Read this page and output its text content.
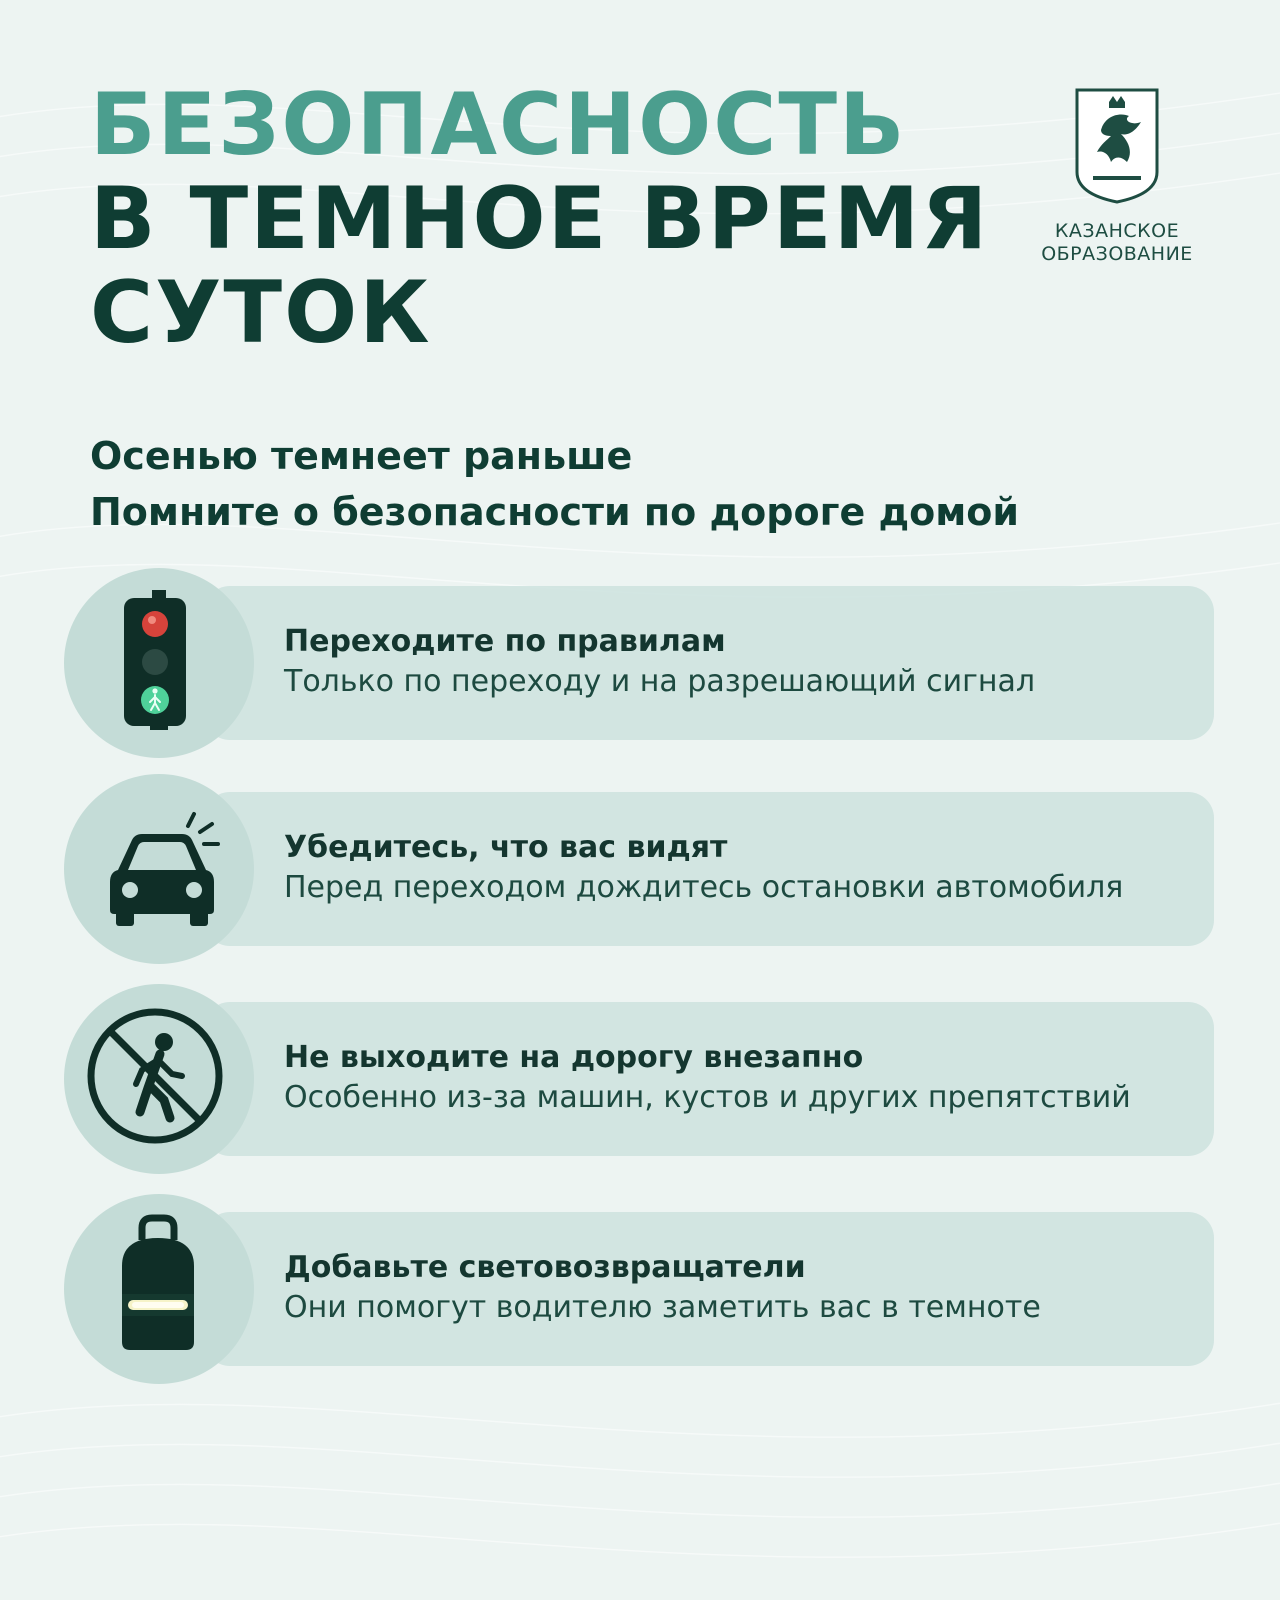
БЕЗОПАСНОСТЬ
В ТЕМНОЕ ВРЕМЯ
СУТОК
КАЗАНСКОЕ
ОБРАЗОВАНИЕ
Осенью темнеет раньше
Помните о безопасности по дороге домой
Переходите по правилам
Только по переходу и на разрешающий сигнал
Убедитесь, что вас видят
Перед переходом дождитесь остановки автомобиля
Не выходите на дорогу внезапно
Особенно из-за машин, кустов и других препятствий
Добавьте световозвращатели
Они помогут водителю заметить вас в темноте
